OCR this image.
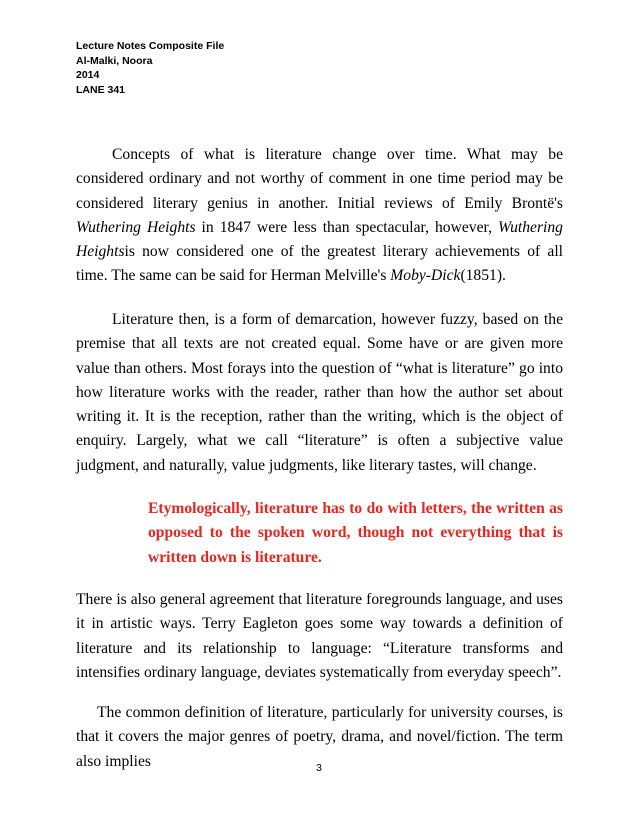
Lecture Notes Composite File
Al-Malki, Noora
2014
LANE 341

Concepts of what is literature change over time. What may be considered ordinary and not worthy of comment in one time period may be considered literary genius in another. Initial reviews of Emily Brontë's Wuthering Heights in 1847 were less than spectacular, however, Wuthering Heightsis now considered one of the greatest literary achievements of all time. The same can be said for Herman Melville's Moby-Dick(1851).

Literature then, is a form of demarcation, however fuzzy, based on the premise that all texts are not created equal. Some have or are given more value than others. Most forays into the question of “what is literature” go into how literature works with the reader, rather than how the author set about writing it. It is the reception, rather than the writing, which is the object of enquiry. Largely, what we call “literature” is often a subjective value judgment, and naturally, value judgments, like literary tastes, will change.

Etymologically, literature has to do with letters, the written as opposed to the spoken word, though not everything that is written down is literature.

There is also general agreement that literature foregrounds language, and uses it in artistic ways. Terry Eagleton goes some way towards a definition of literature and its relationship to language: “Literature transforms and intensifies ordinary language, deviates systematically from everyday speech”.

The common definition of literature, particularly for university courses, is that it covers the major genres of poetry, drama, and novel/fiction. The term also implies	3
